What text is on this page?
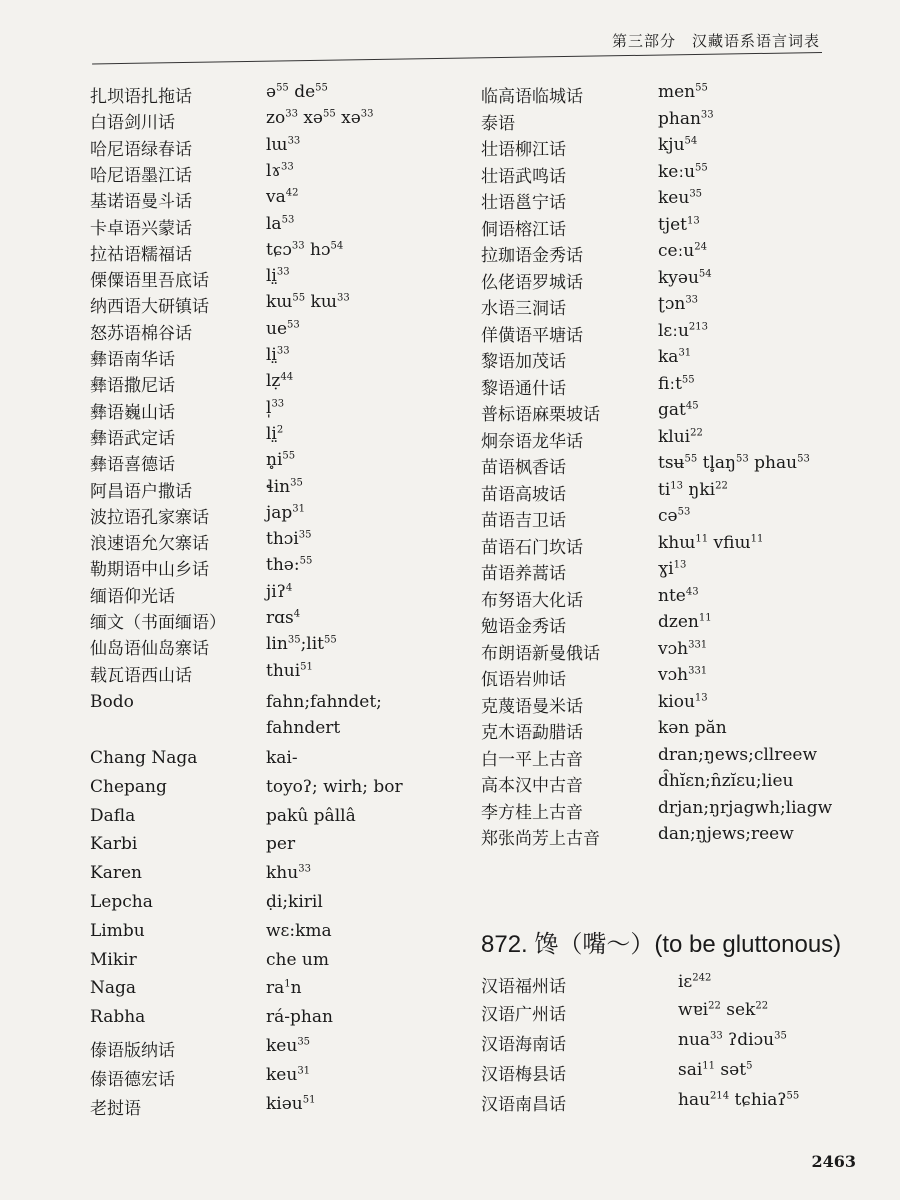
第三部分　汉藏语系语言词表
扎坝语扎拖话	ə$^{55}$ $de^{55}$
白语剑川话	$zo^{33}$ xə$^{55}$ xə$^{33}$
哈尼语绿春话	lɯ$^{33}$
哈尼语墨江话	lɤ$^{33}$
基诺语曼斗话	$va^{42}$
卡卓语兴蒙话	$la^{53}$
拉祜语糯福话	tɕɔ$^{33}$ hɔ$^{54}$
傈僳语里吾底话	li̤$^{33}$
纳西语大研镇话	kɯ$^{55}$ kɯ$^{33}$
怒苏语棉谷话	$ue^{53}$
彝语南华话	li̤$^{33}$
彝语撒尼话	lẓ$^{44}$
彝语巍山话	l̩$^{33}$
彝语武定话	li̤$^2$
彝语喜德话	$n̥i^{55}$
阿昌语户撒话	ɬin$^{35}$
波拉语孔家寨话	jap$^{31}$
浪速语允欠寨话	thɔi$^{35}$
勒期语中山乡话	thə:$^{55}$
缅语仰光话	jiʔ$^4$
缅文（书面缅语） rɑs$^4$
仙岛语仙岛寨话	lin$^{35}$;lit$^{55}$
载瓦语西山话	thui$^{51}$
Bodo	fahn;fahndet;
fahndert
Chang Naga	kai-
Chepang	toyoʔ; wirh; bor
Dafla	pakû pâllâ
Karbi	per
Karen	khu$^{33}$
Lepcha	ḍi;kiril
Limbu	wɛ:kma
Mikir	che um
Naga	$ra^1n$
Rabha	rá-phan
傣语版纳话	keu$^{35}$
傣语德宏话	keu$^{31}$
老挝语	kiəu$^{51}$
临高语临城话	men$^{55}$
泰语	phan$^{33}$
壮语柳江话	kju$^{54}$
壮语武鸣话	keːu$^{55}$
壮语邕宁话	keu$^{35}$
侗语榕江话	tjet$^{13}$
拉珈语金秀话	ceːu$^{24}$
仫佬语罗城话	kyəu$^{54}$
水语三洞话	ʈɔn$^{33}$
佯僙语平塘话	lɛːu$^{213}$
黎语加茂话	$ka^{31}$
黎语通什话	fiːt$^{55}$
普标语麻栗坡话	gat$^{45}$
炯奈语龙华话	klui$^{22}$
苗语枫香话	tsʉ$^{55}$ $tl̥aŋ^{53}$ phau$^{53}$
苗语高坡话	$ti^{13}$ ŋki$^{22}$
苗语吉卫话	cə$^{53}$
苗语石门坎话	khɯ$^{11}$ vfiɯ$^{11}$
苗语养蒿话	ɣi$^{13}$
布努语大化话	nte$^{43}$
勉语金秀话	dzen$^{11}$
布朗语新曼俄话	vɔh$^{331}$
佤语岩帅话	vɔh$^{331}$
克蔑语曼米话	kiou$^{13}$
克木语勐腊话	kən păn
白一平上古音	dran;ŋews;cllreew
高本汉中古音	d̑hĭɛn;n̑zĭɛu;lieu
李方桂上古音	drjan;ŋrjagwh;liagw
郑张尚芳上古音	dan;ŋjews;reew
872. 馋（嘴～）(to be gluttonous)
汉语福州话	iɛ$^{242}$
汉语广州话	wɐi$^{22}$ sek$^{22}$
汉语海南话	nua$^{33}$ ʔdiɔu$^{35}$
汉语梅县话	sai$^{11}$ sət$^5$
汉语南昌话	hau$^{214}$ tɕhiaʔ$^{55}$
2463
